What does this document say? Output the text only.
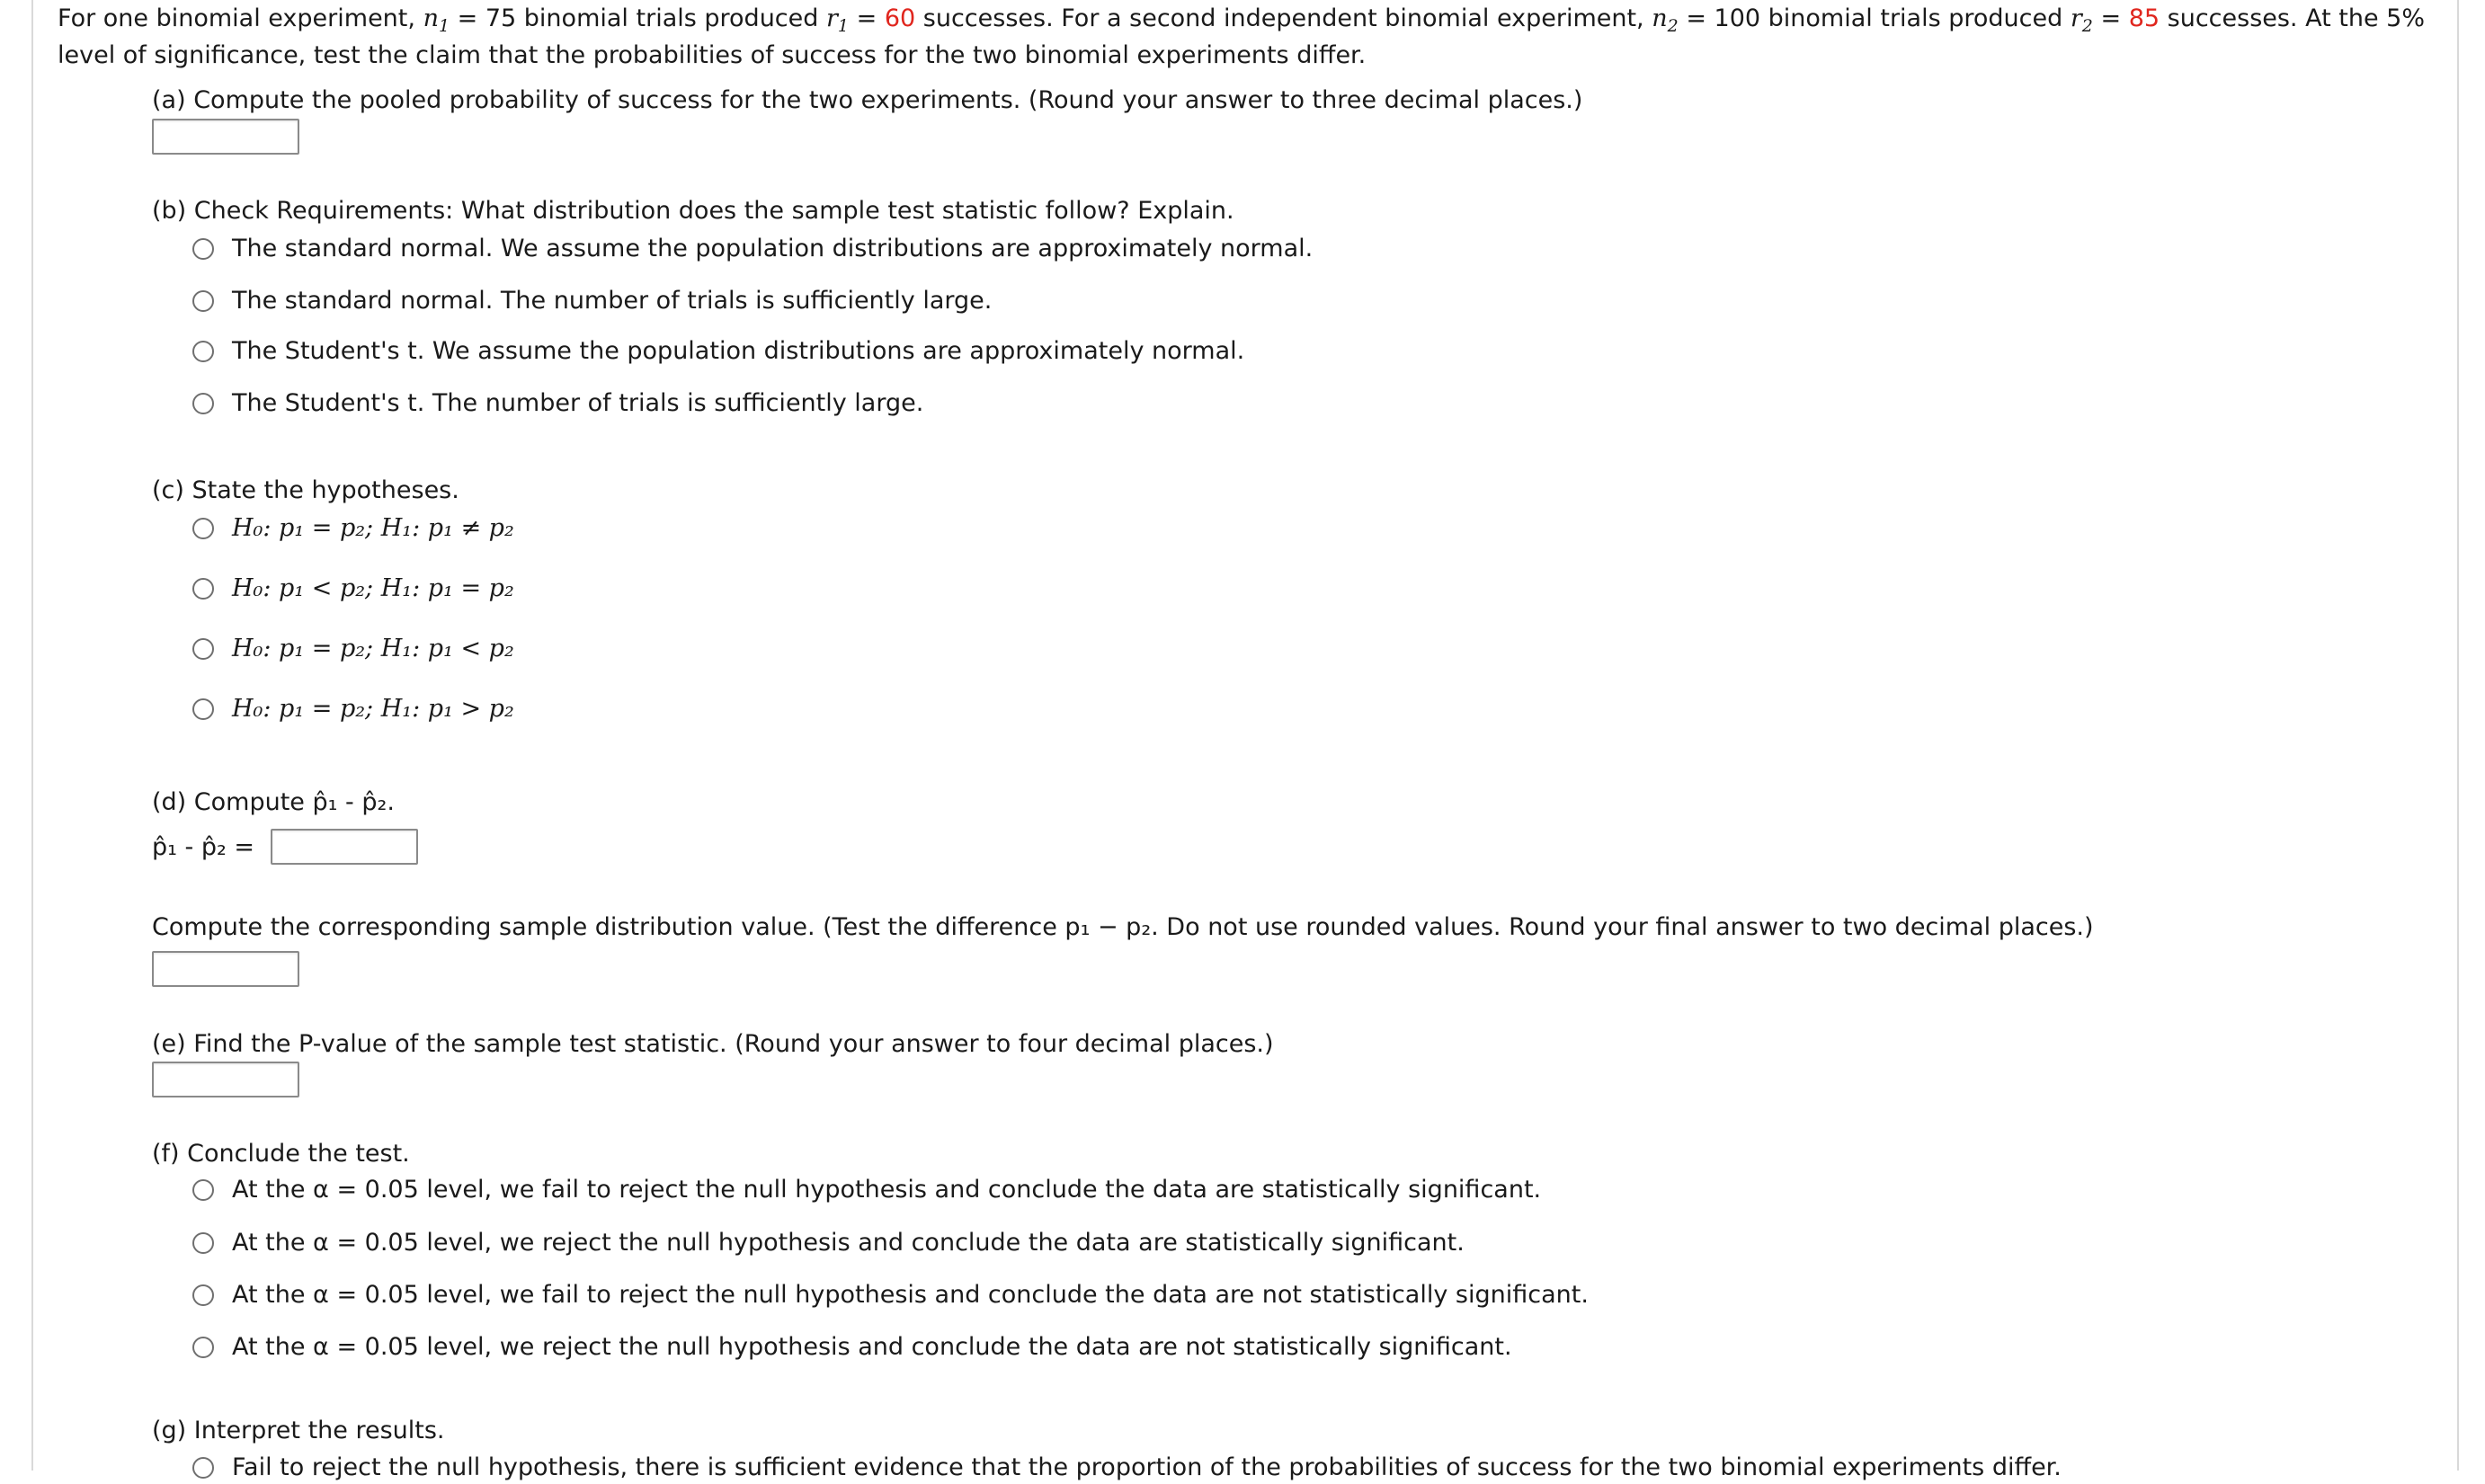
For one binomial experiment, $n_1 = 75$ binomial trials produced $r_1 = 60$ successes. For a second independent binomial experiment, $n_2 = 100$ binomial trials produced $r_2 = 85$ successes. At the 5%
level of significance, test the claim that the probabilities of success for the two binomial experiments differ.
(a) Compute the pooled probability of success for the two experiments. (Round your answer to three decimal places.)
(b) Check Requirements: What distribution does the sample test statistic follow? Explain.
The standard normal. We assume the population distributions are approximately normal.
The standard normal. The number of trials is sufficiently large.
The Student's t. We assume the population distributions are approximately normal.
The Student's t. The number of trials is sufficiently large.
(c) State the hypotheses.
H₀: p₁ = p₂; H₁: p₁ ≠ p₂
H₀: p₁ < p₂; H₁: p₁ = p₂
H₀: p₁ = p₂; H₁: p₁ < p₂
H₀: p₁ = p₂; H₁: p₁ > p₂
(d) Compute p̂₁ - p̂₂.
p̂₁ - p̂₂ =
Compute the corresponding sample distribution value. (Test the difference p₁ − p₂. Do not use rounded values. Round your final answer to two decimal places.)
(e) Find the P-value of the sample test statistic. (Round your answer to four decimal places.)
(f) Conclude the test.
At the α = 0.05 level, we fail to reject the null hypothesis and conclude the data are statistically significant.
At the α = 0.05 level, we reject the null hypothesis and conclude the data are statistically significant.
At the α = 0.05 level, we fail to reject the null hypothesis and conclude the data are not statistically significant.
At the α = 0.05 level, we reject the null hypothesis and conclude the data are not statistically significant.
(g) Interpret the results.
Fail to reject the null hypothesis, there is sufficient evidence that the proportion of the probabilities of success for the two binomial experiments differ.
